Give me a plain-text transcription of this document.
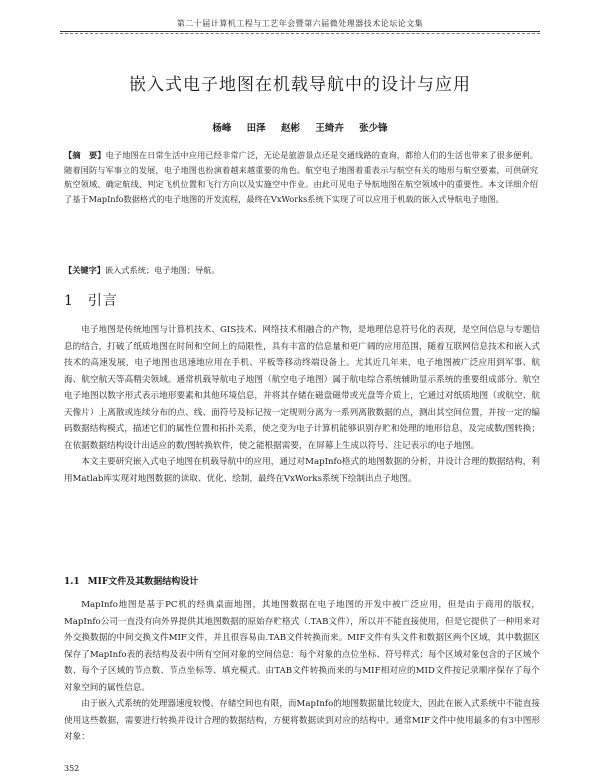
第二十届计算机工程与工艺年会暨第六届微处理器技术论坛论文集
嵌入式电子地图在机载导航中的设计与应用
杨峰 田泽 赵彬 王绮卉 张少锋

【摘　要】电子地图在日常生活中应用已经非常广泛，无论是旅游景点还是交通线路的查询，都给人们的生活也带来了很多便利。随着国防与军事立的发展，电子地图也扮演着越来越重要的角色。航空电子地图着重表示与航空有关的地形与航空要素，可供研究航空领域、确定航线、判定飞机位置和飞行方向以及实施空中作业。由此可见电子导航地图在航空领域中的重要性。本文详细介绍了基于MapInfo数据格式的电子地图的开发流程，最终在VxWorks系统下实现了可以应用于机载的嵌入式导航电子地图。

【关键字】嵌入式系统；电子地图；导航。

1 引言

电子地图是传统地图与计算机技术、GIS技术、网络技术相融合的产物，是地理信息符号化的表现，是空间信息与专题信息的结合，打破了纸质地图在时间和空间上的局限性，具有丰富的信息量和更广阔的应用范围，随着互联网信息技术和嵌入式技术的高速发展，电子地图也迅速地应用在手机、平板等移动终端设备上。尤其近几年来，电子地图被广泛应用到军事、航海、航空航天等高精尖领域。通常机载导航电子地图（航空电子地图）属于航电综合系统辅助显示系统的重要组成部分。航空电子地图以数字形式表示地形要素和其他环境信息，并将其存储在磁盘磁带或光盘等介质上，它通过对纸质地图（或航空、航天像片）上离散或连续分布的点、线、面符号及标记按一定规则分离为一系列离散数据的点，测出其空间位置，并按一定的编码数据结构模式，描述它们的属性位置和拓扑关系，使之变为电子计算机能够识别存贮和处理的地形信息，及完成数/图转换；在依据数据结构设计出适应的数/图转换软件，使之能根据需要，在屏幕上生成以符号、注记表示的电子地图。

本文主要研究嵌入式电子地图在机载导航中的应用，通过对MapInfo格式的地图数据的分析，并设计合理的数据结构，利用Matlab库实现对地图数据的读取、优化、绘制，最终在VxWorks系统下绘制出点子地图。

1.1 MIF文件及其数据结构设计

MapInfo地图是基于PC机的经典桌面地图，其地图数据在电子地图的开发中被广泛应用，但是由于商用的版权，MapInfo公司一直没有向外界提供其地图数据的原始存贮格式（.TAB文件），所以并不能直接使用，但是它提供了一种用来对外交换数据的中间交换文件MIF文件，并且很容易由.TAB文件转换而来。MIF文件有头文件和数据区两个区域，其中数据区保存了MapInfo表的表结构及表中所有空间对象的空间信息：每个对象的点位坐标、符号样式；每个区域对象包含的子区域个数、每个子区域的节点数、节点坐标等、填充模式。由TAB文件转换而来的与MIF相对应的MID文件按记录顺序保存了每个对象空间的属性信息。

由于嵌入式系统的处理器速度较慢、存储空间也有限，而MapInfo的地图数据量比较庞大，因此在嵌入式系统中不能直接使用这些数据，需要进行转换并设计合理的数据结构，方便将数据读到对应的结构中。通常MIF文件中使用最多的有3中图形对象：

352
